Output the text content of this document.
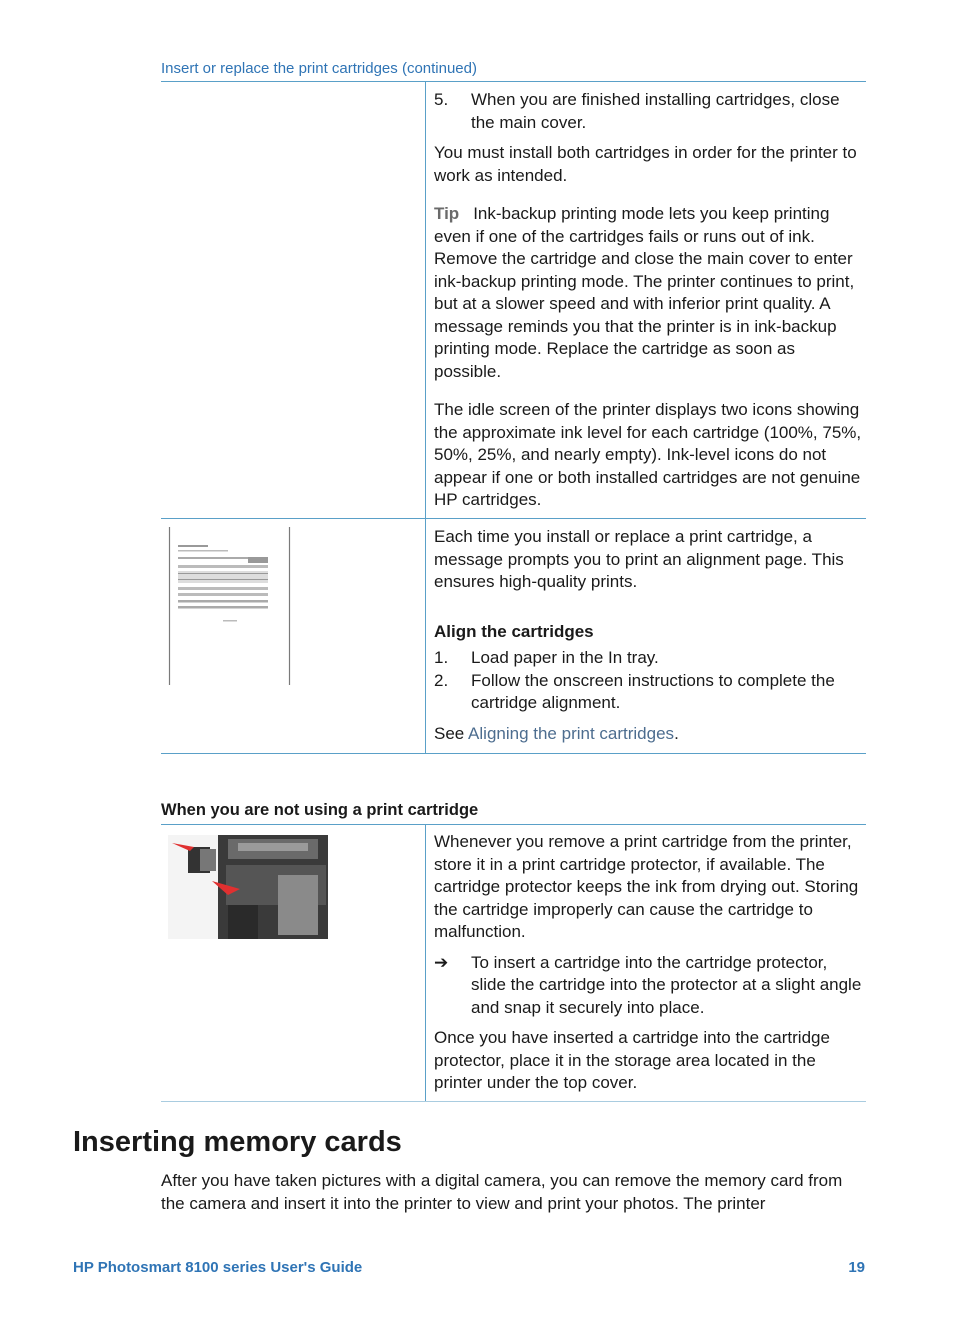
Insert or replace the print cartridges (continued)
5.	When you are finished installing cartridges, close the main cover.

You must install both cartridges in order for the printer to work as intended.

Tip Ink-backup printing mode lets you keep printing even if one of the cartridges fails or runs out of ink. Remove the cartridge and close the main cover to enter ink-backup printing mode. The printer continues to print, but at a slower speed and with inferior print quality. A message reminds you that the printer is in ink-backup printing mode. Replace the cartridge as soon as possible.

The idle screen of the printer displays two icons showing the approximate ink level for each cartridge (100%, 75%, 50%, 25%, and nearly empty). Ink-level icons do not appear if one or both installed cartridges are not genuine HP cartridges.

Each time you install or replace a print cartridge, a message prompts you to print an alignment page. This ensures high-quality prints.

Align the cartridges

1.	Load paper in the In tray.
2.	Follow the onscreen instructions to complete the cartridge alignment.

See Aligning the print cartridges.

When you are not using a print cartridge

Whenever you remove a print cartridge from the printer, store it in a print cartridge protector, if available. The cartridge protector keeps the ink from drying out. Storing the cartridge improperly can cause the cartridge to malfunction.

➔	To insert a cartridge into the cartridge protector, slide the cartridge into the protector at a slight angle and snap it securely into place.

Once you have inserted a cartridge into the cartridge protector, place it in the storage area located in the printer under the top cover.

Inserting memory cards

After you have taken pictures with a digital camera, you can remove the memory card from the camera and insert it into the printer to view and print your photos. The printer

HP Photosmart 8100 series User's Guide	19
